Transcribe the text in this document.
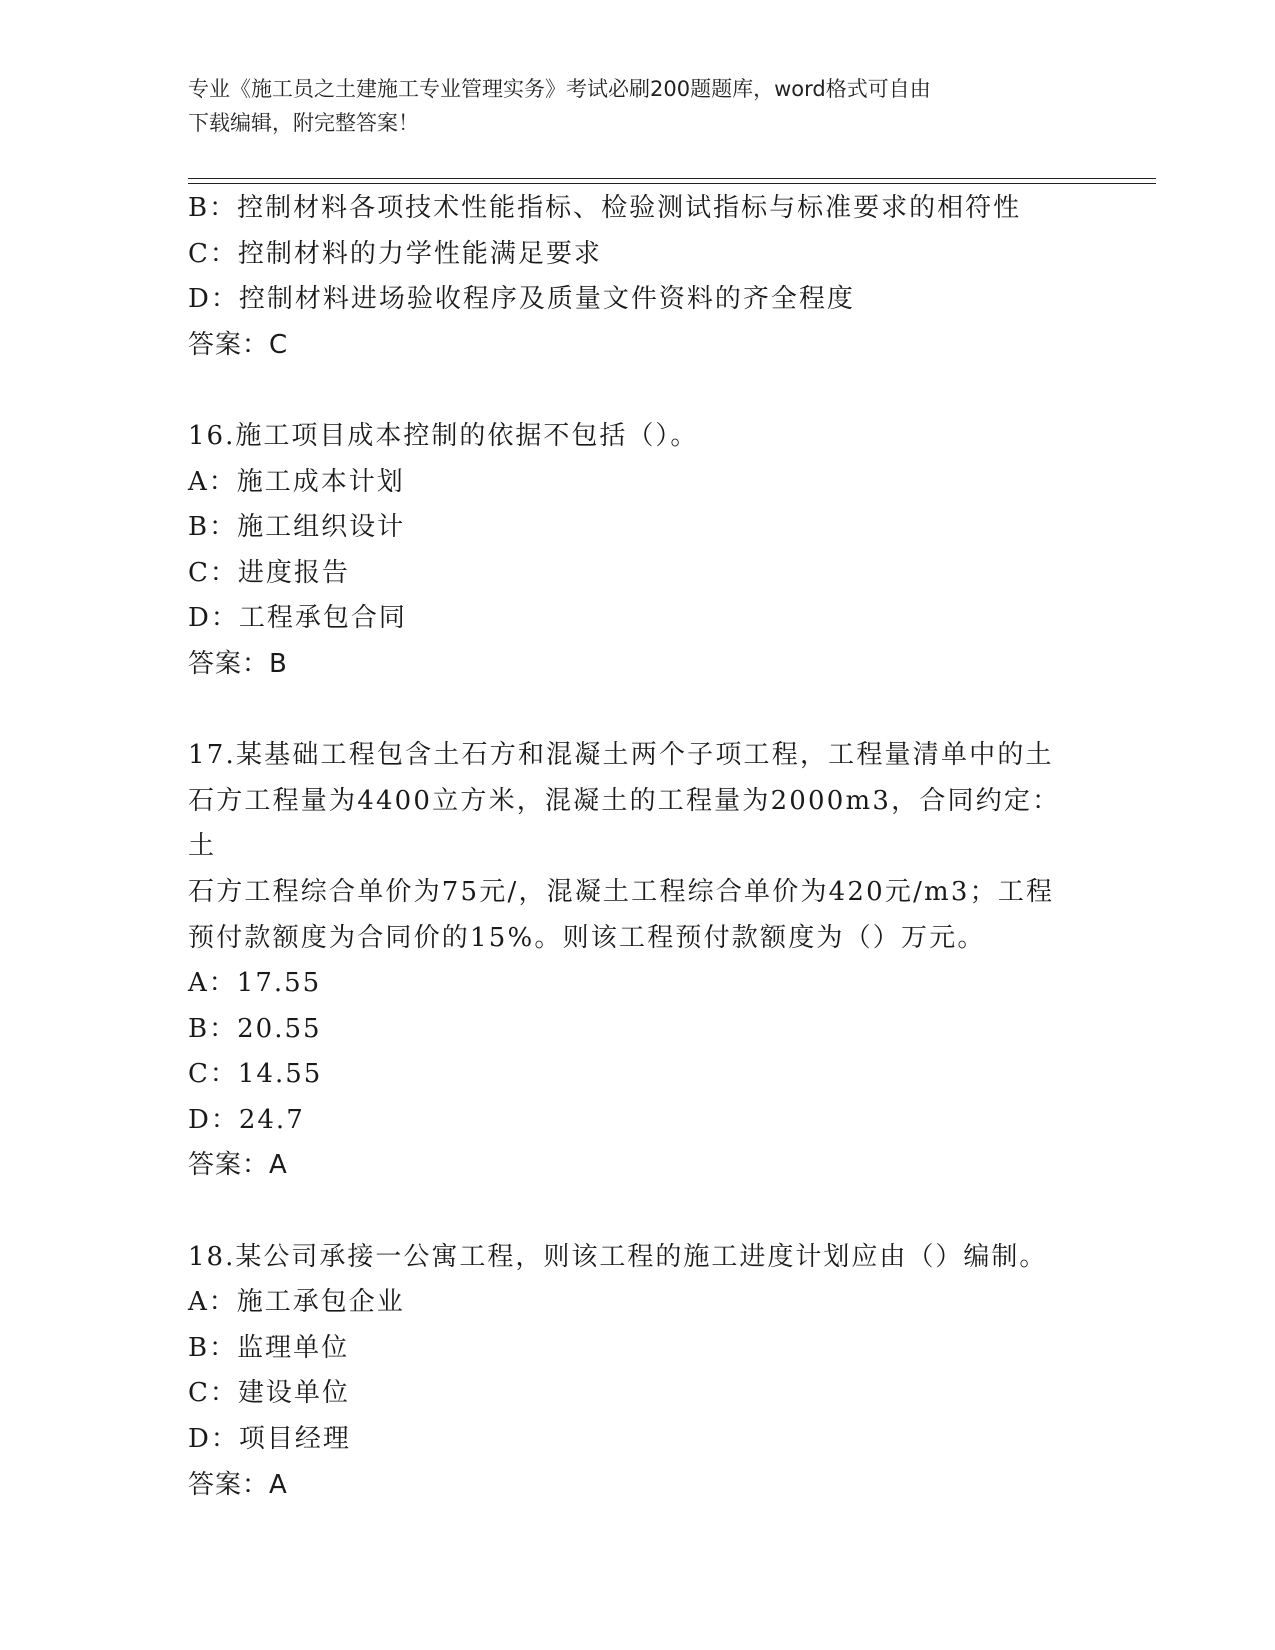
专业《施工员之土建施工专业管理实务》考试必刷200题题库，word格式可自由
下载编辑，附完整答案！

B：控制材料各项技术性能指标、检验测试指标与标准要求的相符性

C：控制材料的力学性能满足要求

D：控制材料进场验收程序及质量文件资料的齐全程度

答案：C

16.施工项目成本控制的依据不包括（）。

A：施工成本计划

B：施工组织设计

C：进度报告

D：工程承包合同

答案：B

17.某基础工程包含土石方和混凝土两个子项工程，工程量清单中的土

石方工程量为4400立方米，混凝土的工程量为2000m3，合同约定：土

石方工程综合单价为75元/，混凝土工程综合单价为420元/m3；工程

预付款额度为合同价的15%。则该工程预付款额度为（）万元。

A：17.55

B：20.55

C：14.55

D：24.7

答案：A

18.某公司承接一公寓工程，则该工程的施工进度计划应由（）编制。

A：施工承包企业

B：监理单位

C：建设单位

D：项目经理

答案：A
